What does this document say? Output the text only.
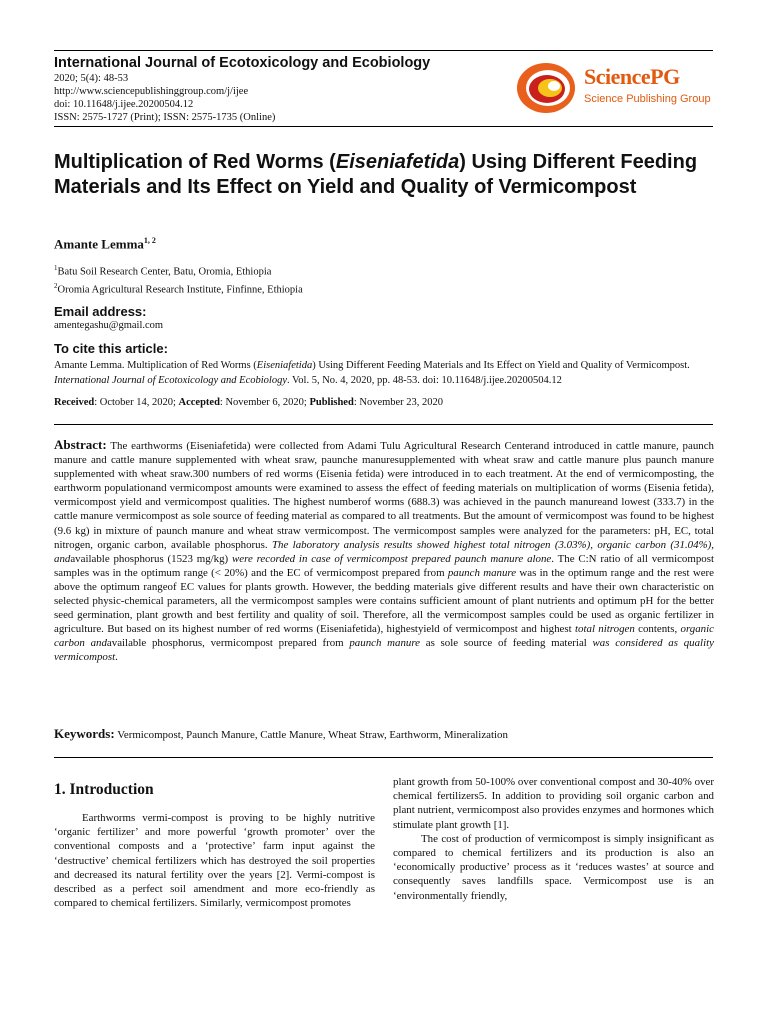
International Journal of Ecotoxicology and Ecobiology
2020; 5(4): 48-53
http://www.sciencepublishinggroup.com/j/ijee
doi: 10.11648/j.ijee.20200504.12
ISSN: 2575-1727 (Print); ISSN: 2575-1735 (Online)
SciencePG
Science Publishing Group
Multiplication of Red Worms (Eiseniafetida) Using Different Feeding Materials and Its Effect on Yield and Quality of Vermicompost
Amante Lemma$^{1, 2}$
$^1$Batu Soil Research Center, Batu, Oromia, Ethiopia
$^2$Oromia Agricultural Research Institute, Finfinne, Ethiopia
Email address:
amentegashu@gmail.com
To cite this article:
Amante Lemma. Multiplication of Red Worms (Eiseniafetida) Using Different Feeding Materials and Its Effect on Yield and Quality of Vermicompost. International Journal of Ecotoxicology and Ecobiology. Vol. 5, No. 4, 2020, pp. 48-53. doi: 10.11648/j.ijee.20200504.12
Received: October 14, 2020; Accepted: November 6, 2020; Published: November 23, 2020
Abstract: The earthworms (Eiseniafetida) were collected from Adami Tulu Agricultural Research Centerand introduced in cattle manure, paunch manure and cattle manure supplemented with wheat sraw, paunche manuresupplemented with wheat sraw and cattle manure plus paunch manure supplemented with wheat sraw.300 numbers of red worms (Eisenia fetida) were introduced in to each treatment. At the end of vermicomposting, the earthworm populationand vermicompost amounts were examined to assess the effect of feeding materials on multiplication of worms (Eisenia fetida), vermicompost yield and vermicompost qualities. The highest numberof worms (688.3) was achieved in the paunch manureand lowest (333.7) in the cattle manure vermicompost as sole source of feeding material as compared to all treatments. But the amount of vermicompost was found to be highest (9.6 kg) in mixture of paunch manure and wheat straw vermicompost. The vermicompost samples were analyzed for the parameters: pH, EC, total nitrogen, organic carbon, available phosphorus. The laboratory analysis results showed highest total nitrogen (3.03%), organic carbon (31.04%), andavailable phosphorus (1523 mg/kg) were recorded in case of vermicompost prepared paunch manure alone. The C:N ratio of all vermicompost samples was in the optimum range (< 20%) and the EC of vermicompost prepared from paunch manure was in the optimum range and the rest were above the optimum rangeof EC values for plants growth. However, the bedding materials give different results and have their own characteristic on selected physic-chemical parameters, all the vermicompost samples were contains sufficient amount of plant nutrients and optimum pH for the better seed germination, plant growth and best fertility and quality of soil. Therefore, all the vermicompost samples could be used as organic fertilizer in agriculture. But based on its highest number of red worms (Eiseniafetida), highestyield of vermicompost and highest total nitrogen contents, organic carbon andavailable phosphorus, vermicompost prepared from paunch manure as sole source of feeding material was considered as quality vermicompost.
Keywords: Vermicompost, Paunch Manure, Cattle Manure, Wheat Straw, Earthworm, Mineralization
1. Introduction

Earthworms vermi-compost is proving to be highly nutritive ‘organic fertilizer’ and more powerful ‘growth promoter’ over the conventional composts and a ‘protective’ farm input against the ‘destructive’ chemical fertilizers which has destroyed the soil properties and decreased its natural fertility over the years [2]. Vermi-compost is described as a perfect soil amendment and more eco-friendly as compared to chemical fertilizers. Similarly, vermicompost promotes

plant growth from 50-100% over conventional compost and 30-40% over chemical fertilizers5. In addition to providing soil organic carbon and plant nutrient, vermicompost also provides enzymes and hormones which stimulate plant growth [1].

The cost of production of vermicompost is simply insignificant as compared to chemical fertilizers and its production is also an ‘economically productive’ process as it ‘reduces wastes’ at source and consequently saves landfills space. Vermicompost use is an ‘environmentally friendly,
